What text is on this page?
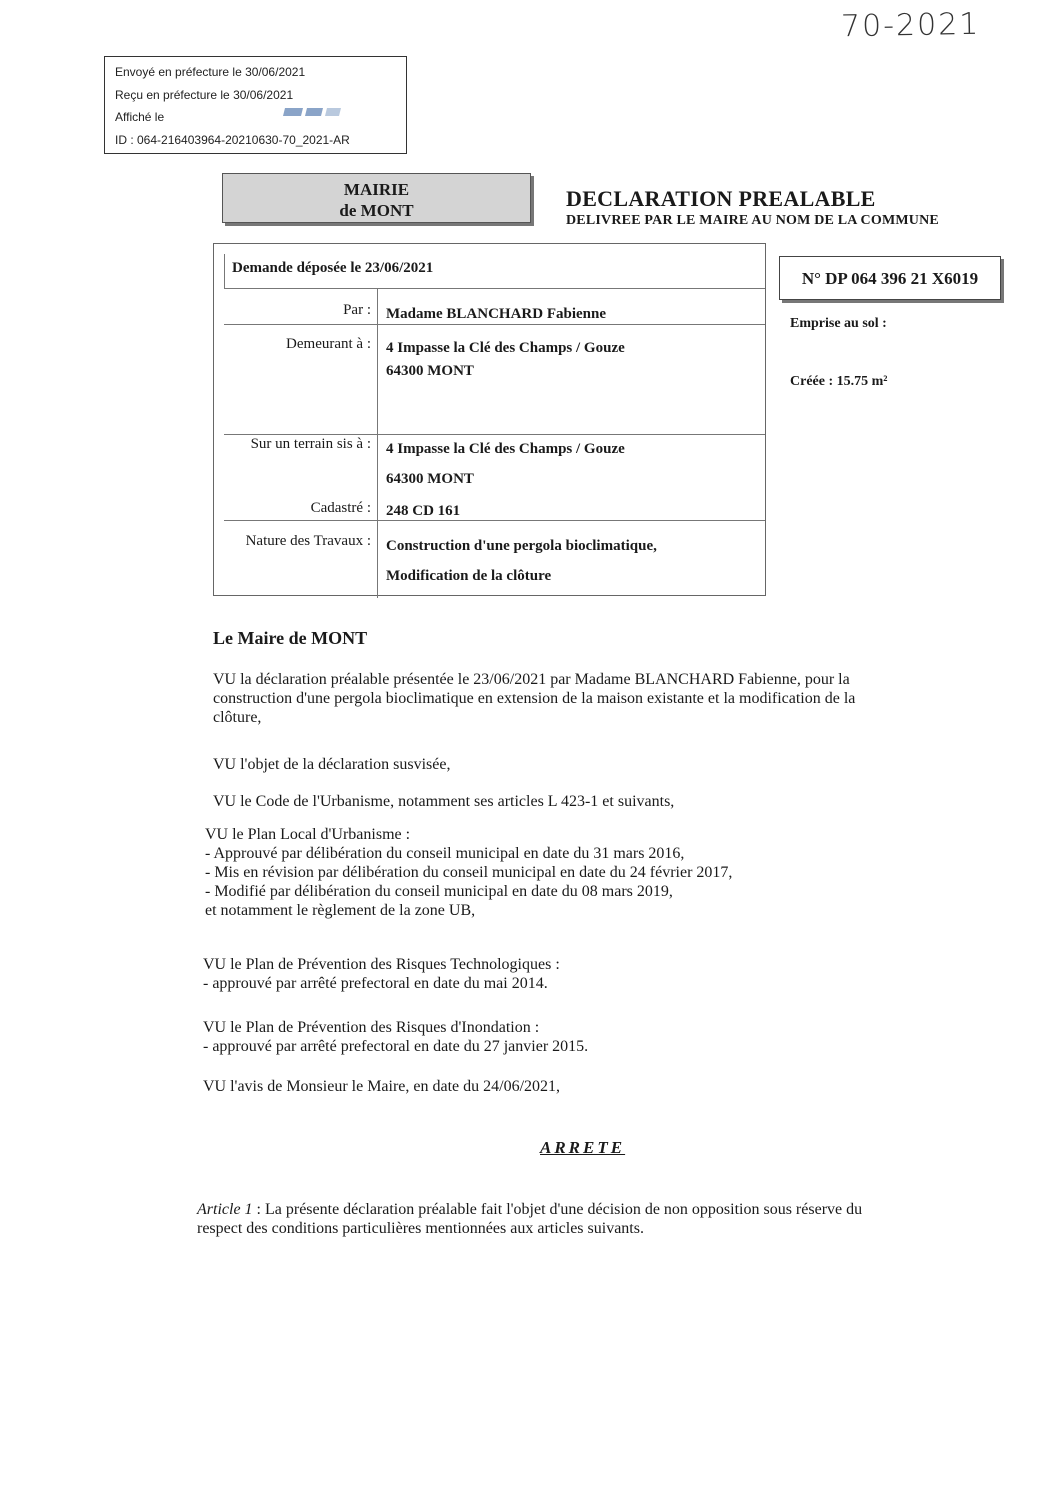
70-2021
Envoyé en préfecture le 30/06/2021
Reçu en préfecture le 30/06/2021
Affiché le
ID : 064-216403964-20210630-70_2021-AR
MAIRIE
de MONT	DECLARATION PREALABLE
DELIVREE PAR LE MAIRE AU NOM DE LA COMMUNE
Demande déposée le 23/06/2021
Par : Madame BLANCHARD Fabienne
Demeurant à : 4 Impasse la Clé des Champs / Gouze
64300 MONT
Sur un terrain sis à : 4 Impasse la Clé des Champs / Gouze
64300 MONT
Cadastré : 248 CD 161
Nature des Travaux : Construction d'une pergola bioclimatique,
Modification de la clôture
N° DP 064 396 21 X6019
Emprise au sol :
Créée : 15.75 m²
Le Maire de MONT
VU la déclaration préalable présentée le 23/06/2021 par Madame BLANCHARD Fabienne, pour la
construction d'une pergola bioclimatique en extension de la maison existante et la modification de la
clôture,
VU l'objet de la déclaration susvisée,
VU le Code de l'Urbanisme, notamment ses articles L 423-1 et suivants,
VU le Plan Local d'Urbanisme :
- Approuvé par délibération du conseil municipal en date du 31 mars 2016,
- Mis en révision par délibération du conseil municipal en date du 24 février 2017,
- Modifié par délibération du conseil municipal en date du 08 mars 2019,
et notamment le règlement de la zone UB,
VU le Plan de Prévention des Risques Technologiques :
- approuvé par arrêté prefectoral en date du mai 2014.
VU le Plan de Prévention des Risques d'Inondation :
- approuvé par arrêté prefectoral en date du 27 janvier 2015.
VU l'avis de Monsieur le Maire, en date du 24/06/2021,
ARRETE
Article 1 : La présente déclaration préalable fait l'objet d'une décision de non opposition sous réserve du
respect des conditions particulières mentionnées aux articles suivants.
